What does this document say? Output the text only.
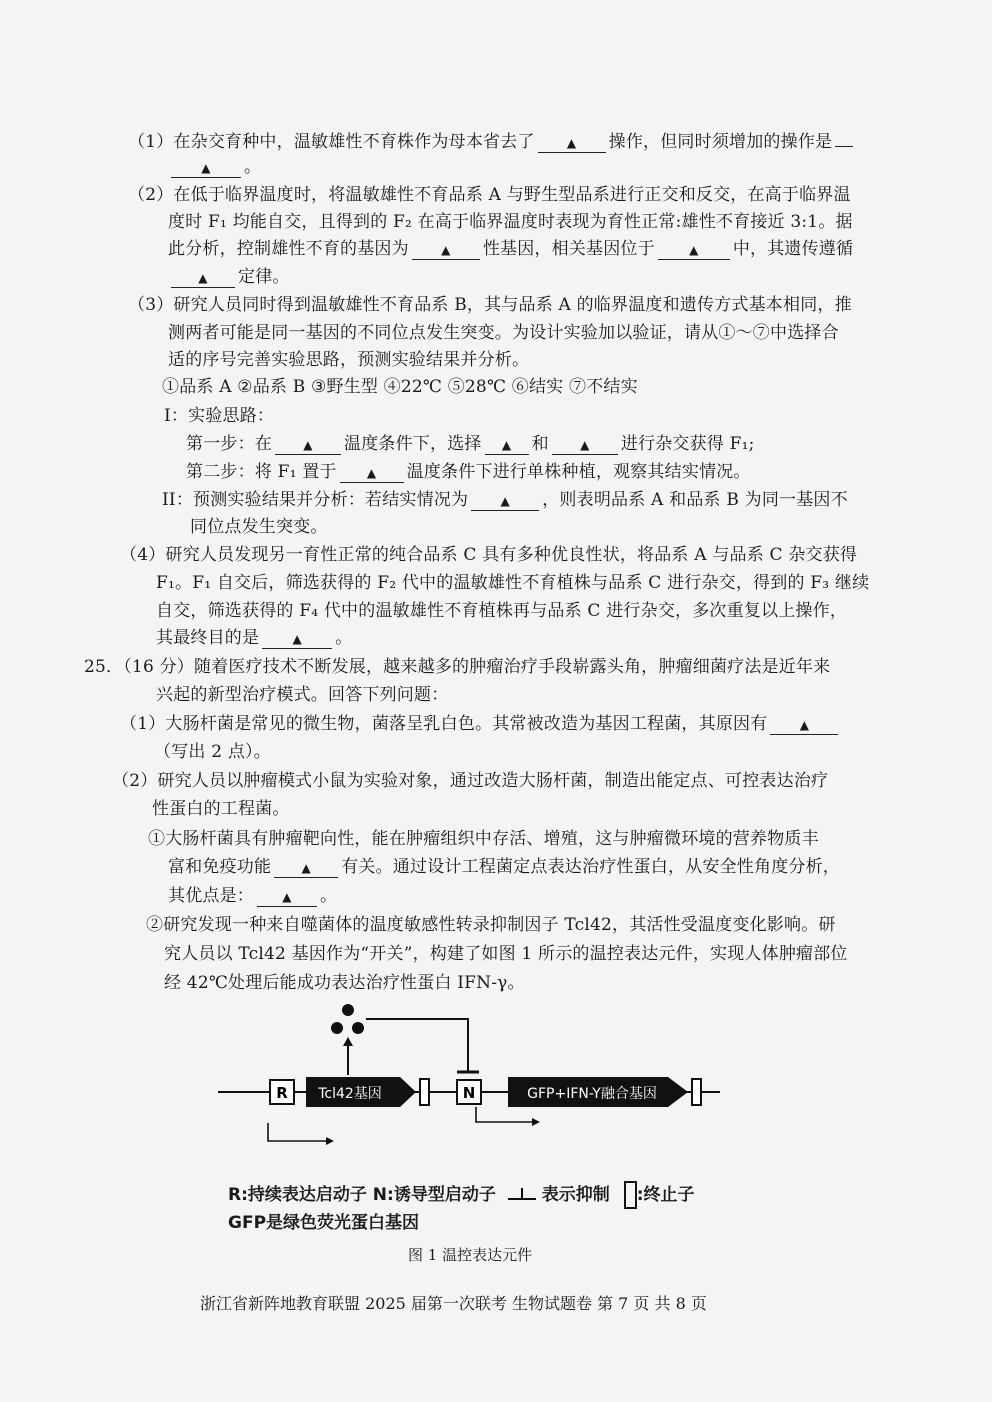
（1）在杂交育种中，温敏雄性不育株作为母本省去了	▲ 操作，但同时须增加的操作是
▲ 。
（2）在低于临界温度时，将温敏雄性不育品系 A 与野生型品系进行正交和反交，在高于临界温
度时 F₁ 均能自交，且得到的 F₂ 在高于临界温度时表现为育性正常:雄性不育接近 3:1。据
此分析，控制雄性不育的基因为	▲ 性基因，相关基因位于	▲ 中，其遗传遵循
▲ 定律。
（3）研究人员同时得到温敏雄性不育品系 B，其与品系 A 的临界温度和遗传方式基本相同，推
测两者可能是同一基因的不同位点发生突变。为设计实验加以验证，请从①～⑦中选择合
适的序号完善实验思路，预测实验结果并分析。
①品系 A ②品系 B ③野生型 ④22℃ ⑤28℃ ⑥结实 ⑦不结实
I：实验思路：
第一步：在	▲ 温度条件下，选择 ▲ 和	▲ 进行杂交获得 F₁;
第二步：将 F₁ 置于	▲ 温度条件下进行单株种植，观察其结实情况。
II：预测实验结果并分析：若结实情况为	▲ ，则表明品系 A 和品系 B 为同一基因不
同位点发生突变。
（4）研究人员发现另一育性正常的纯合品系 C 具有多种优良性状，将品系 A 与品系 C 杂交获得
F₁。F₁ 自交后，筛选获得的 F₂ 代中的温敏雄性不育植株与品系 C 进行杂交，得到的 F₃ 继续
自交，筛选获得的 F₄ 代中的温敏雄性不育植株再与品系 C 进行杂交，多次重复以上操作，
其最终目的是	▲ 。
25．（16 分）随着医疗技术不断发展，越来越多的肿瘤治疗手段崭露头角，肿瘤细菌疗法是近年来
兴起的新型治疗模式。回答下列问题：
（1）大肠杆菌是常见的微生物，菌落呈乳白色。其常被改造为基因工程菌，其原因有	▲
（写出 2 点）。
（2）研究人员以肿瘤模式小鼠为实验对象，通过改造大肠杆菌，制造出能定点、可控表达治疗
性蛋白的工程菌。
①大肠杆菌具有肿瘤靶向性，能在肿瘤组织中存活、增殖，这与肿瘤微环境的营养物质丰
富和免疫功能	▲ 有关。通过设计工程菌定点表达治疗性蛋白，从安全性角度分析，
其优点是： ▲ 。
②研究发现一种来自噬菌体的温度敏感性转录抑制因子 Tcl42，其活性受温度变化影响。研
究人员以 Tcl42 基因作为“开关”，构建了如图 1 所示的温控表达元件，实现人体肿瘤部位
经 42℃处理后能成功表达治疗性蛋白 IFN-γ。
R Tcl42基因	N	GFP+IFN-Y融合基因
R:持续表达启动子 N:诱导型启动子	表示抑制 :终止子
GFP是绿色荧光蛋白基因
图 1 温控表达元件
浙江省新阵地教育联盟 2025 届第一次联考 生物试题卷 第 7 页 共 8 页
